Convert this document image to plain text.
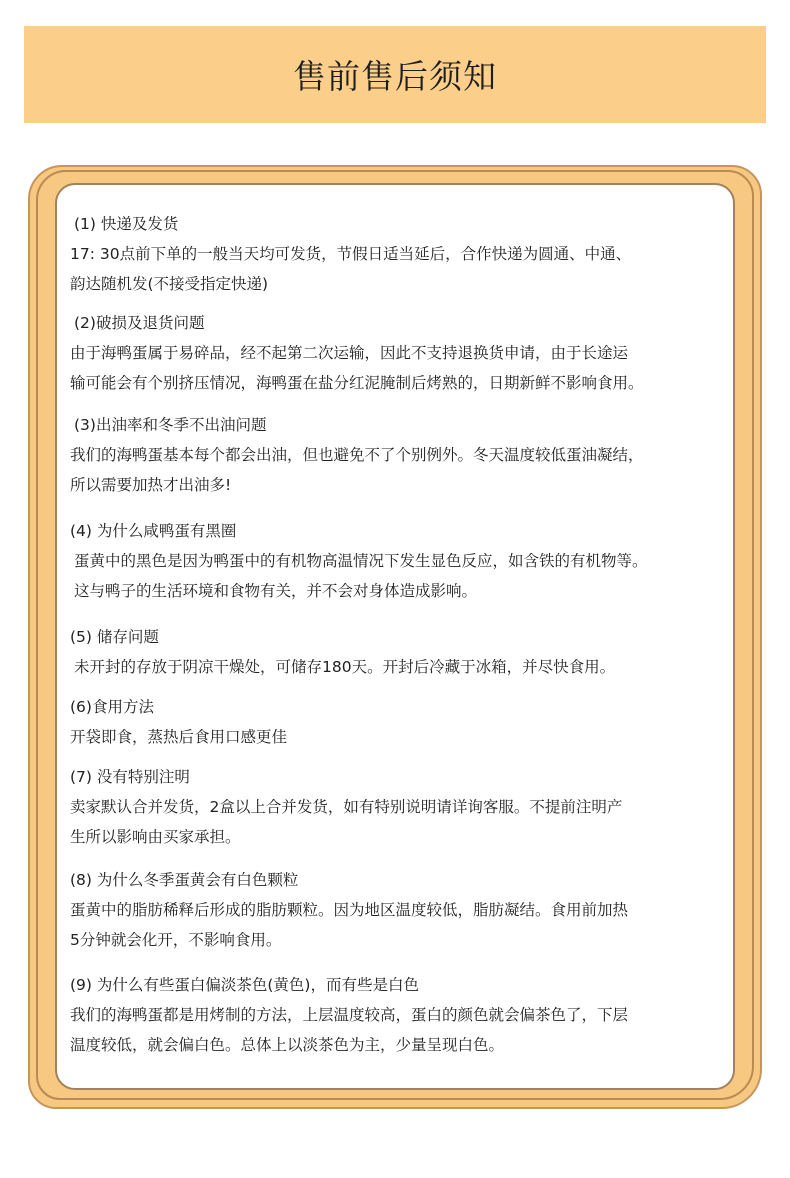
售前售后须知
(1) 快递及发货
17: 30点前下单的一般当天均可发货，节假日适当延后，合作快递为圆通、中通、
韵达随机发(不接受指定快递)
(2)破损及退货问题
由于海鸭蛋属于易碎品，经不起第二次运输，因此不支持退换货申请，由于长途运
输可能会有个别挤压情况，海鸭蛋在盐分红泥腌制后烤熟的，日期新鲜不影响食用。
(3)出油率和冬季不出油问题
我们的海鸭蛋基本每个都会出油，但也避免不了个别例外。冬天温度较低蛋油凝结，
所以需要加热才出油多!
(4) 为什么咸鸭蛋有黑圈
蛋黄中的黑色是因为鸭蛋中的有机物高温情况下发生显色反应，如含铁的有机物等。
这与鸭子的生活环境和食物有关，并不会对身体造成影响。
(5) 储存问题
未开封的存放于阴凉干燥处，可储存180天。开封后冷藏于冰箱，并尽快食用。
(6)食用方法
开袋即食，蒸热后食用口感更佳
(7) 没有特别注明
卖家默认合并发货，2盒以上合并发货，如有特别说明请详询客服。不提前注明产
生所以影响由买家承担。
(8) 为什么冬季蛋黄会有白色颗粒
蛋黄中的脂肪稀释后形成的脂肪颗粒。因为地区温度较低，脂肪凝结。食用前加热
5分钟就会化开，不影响食用。
(9) 为什么有些蛋白偏淡茶色(黄色)，而有些是白色
我们的海鸭蛋都是用烤制的方法，上层温度较高，蛋白的颜色就会偏茶色了，下层
温度较低，就会偏白色。总体上以淡茶色为主，少量呈现白色。
